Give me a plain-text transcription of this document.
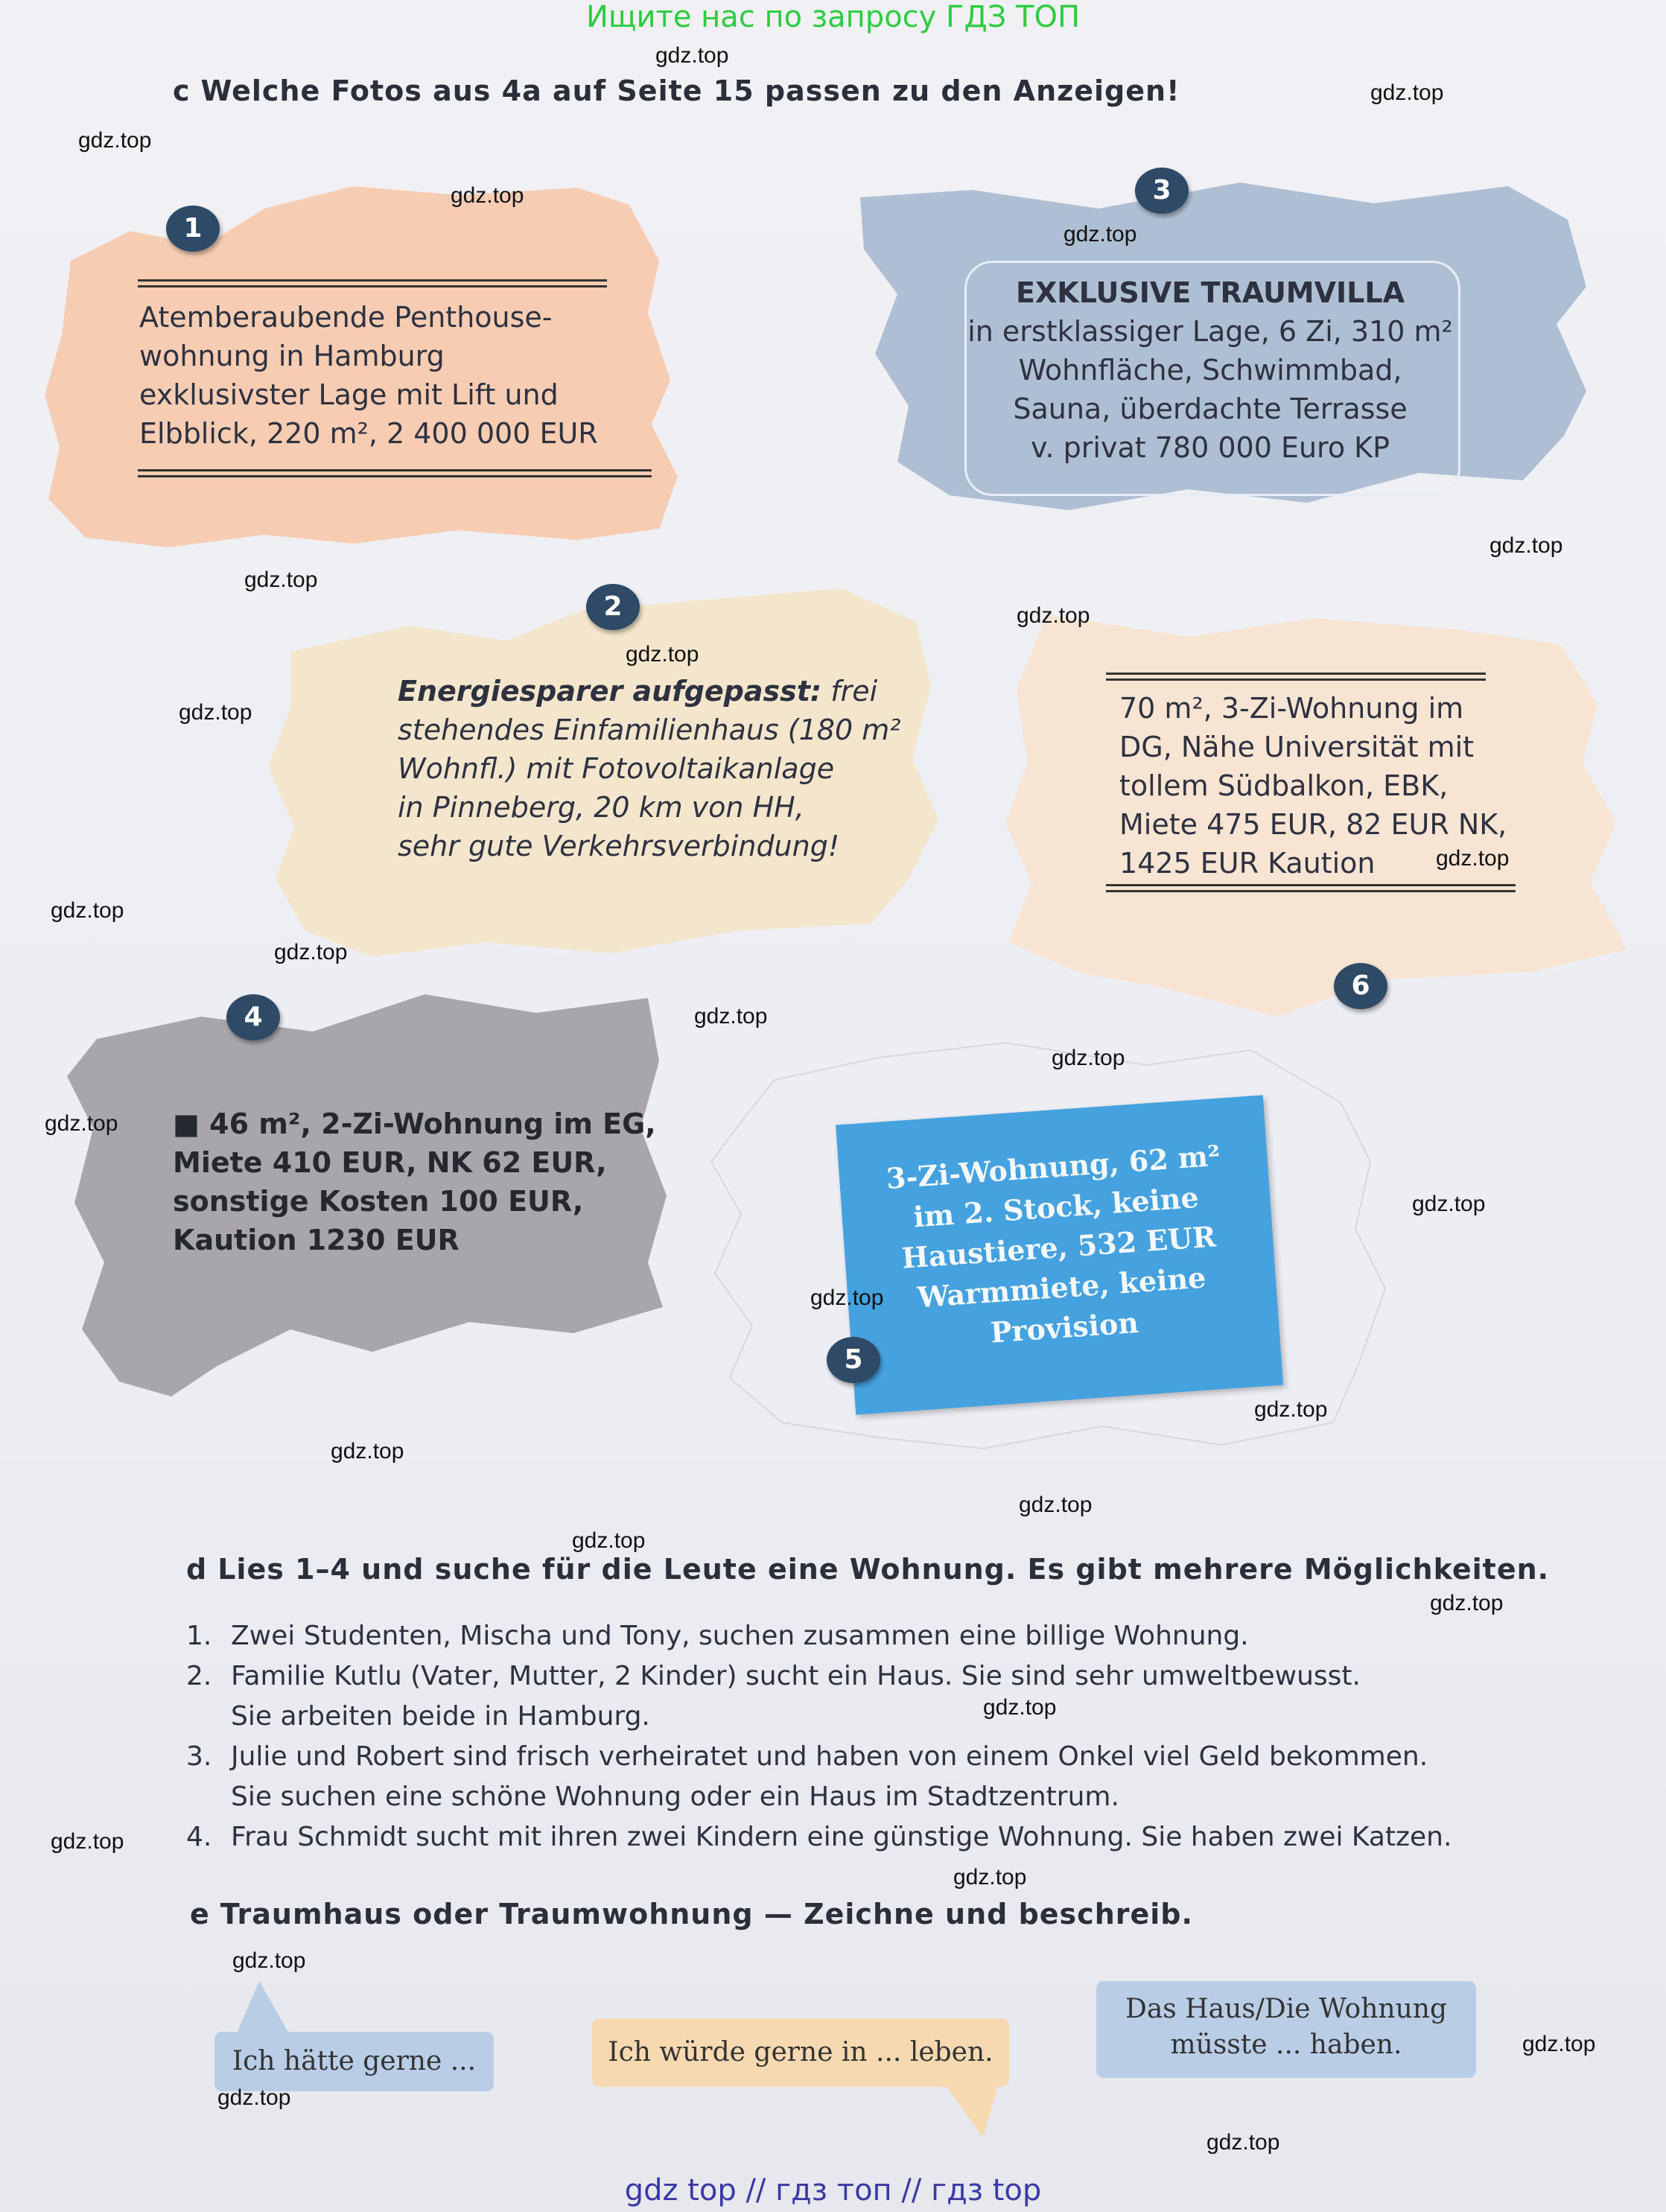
Ищите нас по запросу ГДЗ ТОП
c Welche Fotos aus 4a auf Seite 15 passen zu den Anzeigen!
1
Atemberaubende Penthouse-
wohnung in Hamburg
exklusivster Lage mit Lift und
Elbblick, 220 m², 2 400 000 EUR
3
EXKLUSIVE TRAUMVILLA
in erstklassiger Lage, 6 Zi, 310 m²
Wohnfläche, Schwimmbad,
Sauna, überdachte Terrasse
v. privat 780 000 Euro KP
2
Energiesparer aufgepasst: frei
stehendes Einfamilienhaus (180 m²
Wohnfl.) mit Fotovoltaikanlage
in Pinneberg, 20 km von HH,
sehr gute Verkehrsverbindung!
70 m², 3-Zi-Wohnung im
DG, Nähe Universität mit
tollem Südbalkon, EBK,
Miete 475 EUR, 82 EUR NK,
1425 EUR Kaution
6
4
■ 46 m², 2-Zi-Wohnung im EG,
Miete 410 EUR, NK 62 EUR,
sonstige Kosten 100 EUR,
Kaution 1230 EUR
3-Zi-Wohnung, 62 m²
im 2. Stock, keine
Haustiere, 532 EUR
Warmmiete, keine
Provision
5
d Lies 1–4 und suche für die Leute eine Wohnung. Es gibt mehrere Möglichkeiten.
1. Zwei Studenten, Mischa und Tony, suchen zusammen eine billige Wohnung.
2. Familie Kutlu (Vater, Mutter, 2 Kinder) sucht ein Haus. Sie sind sehr umweltbewusst.
Sie arbeiten beide in Hamburg.
3. Julie und Robert sind frisch verheiratet und haben von einem Onkel viel Geld bekommen.
Sie suchen eine schöne Wohnung oder ein Haus im Stadtzentrum.
4. Frau Schmidt sucht mit ihren zwei Kindern eine günstige Wohnung. Sie haben zwei Katzen.
e Traumhaus oder Traumwohnung — Zeichne und beschreib.
Ich hätte gerne ...	Ich würde gerne in ... leben.
Das Haus/Die Wohnung
müsste ... haben.
gdz.top
gdz.top
gdz.top
gdz.top
gdz.top
gdz.top
gdz.top
gdz.top
gdz.top
gdz.top
gdz.top
gdz.top
gdz.top
gdz.top
gdz.top
gdz.top
gdz.top
gdz.top
gdz.top
gdz.top
gdz.top
gdz.top
gdz.top
gdz.top
gdz.top
gdz.top
gdz.top
gdz.top
gdz.top
gdz.top
gdz top // гдз топ // гдз top
